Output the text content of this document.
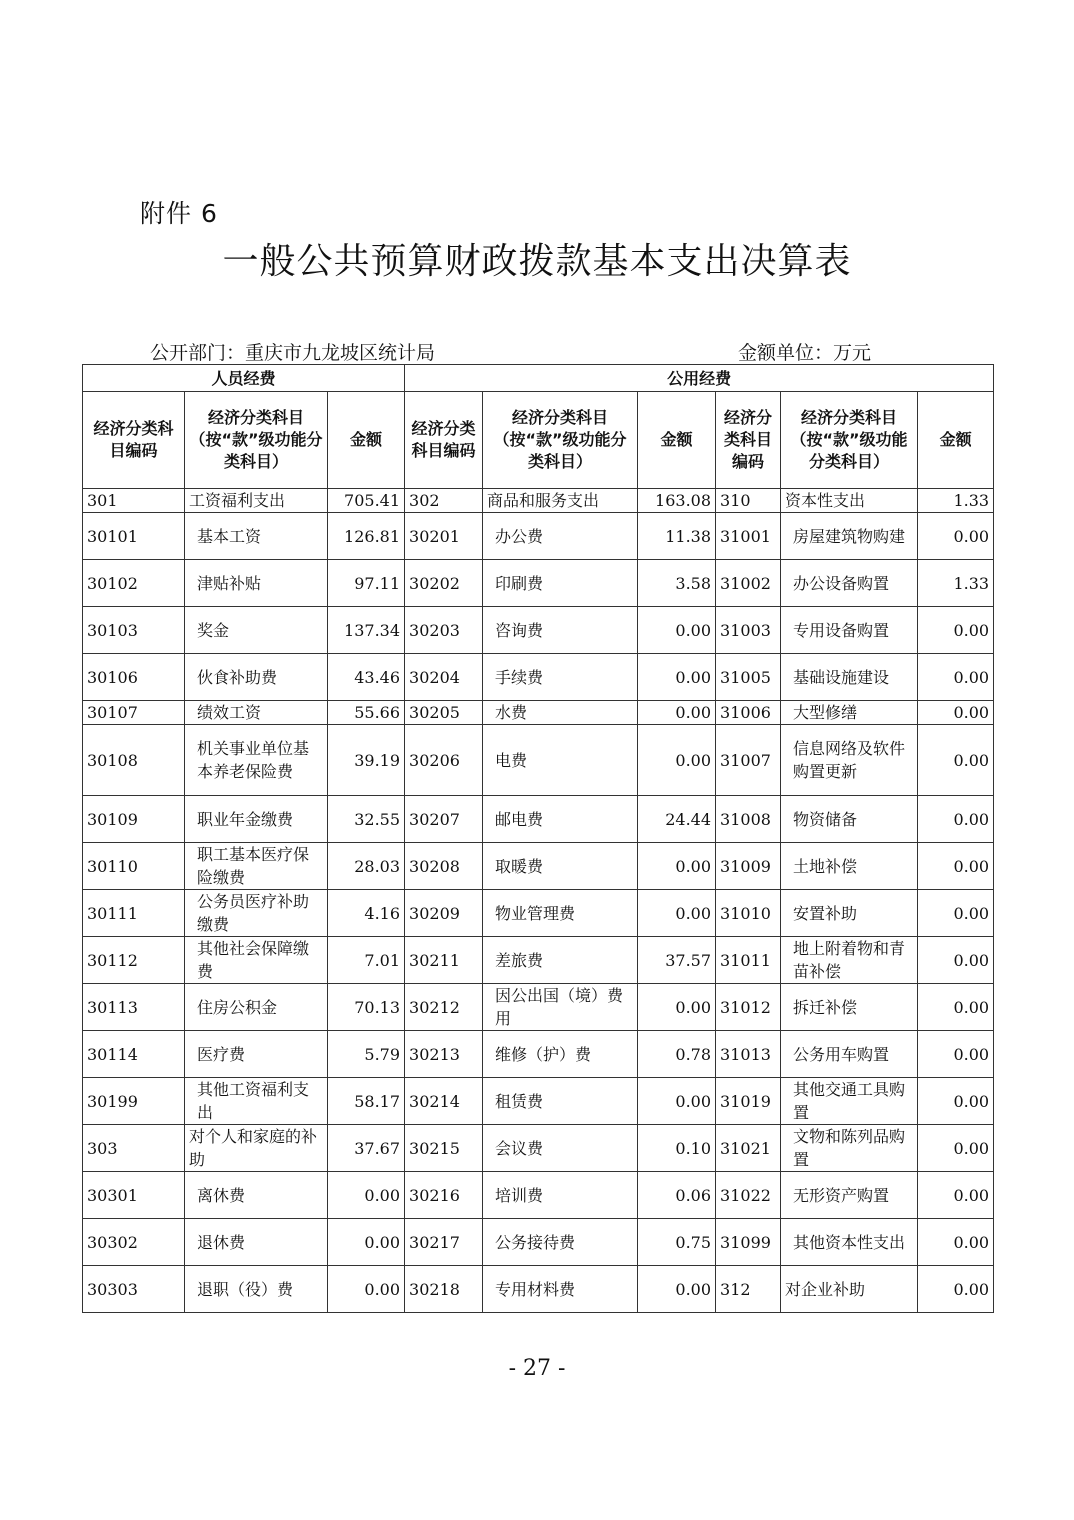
附件 6
一般公共预算财政拨款基本支出决算表
公开部门：重庆市九龙坡区统计局	金额单位：万元
人员经费			公用经费					
经济分类科目编码	经济分类科目（按“款”级功能分类科目）	金额	经济分类科目编码	经济分类科目（按“款”级功能分类科目）	金额	经济分类科目编码	经济分类科目（按“款”级功能分类科目）	金额
301	工资福利支出	705.41	302	商品和服务支出	163.08	310	资本性支出	1.33
30101	基本工资	126.81	30201	办公费	11.38	31001	房屋建筑物购建	0.00
30102	津贴补贴	97.11	30202	印刷费	3.58	31002	办公设备购置	1.33
30103	奖金	137.34	30203	咨询费	0.00	31003	专用设备购置	0.00
30106	伙食补助费	43.46	30204	手续费	0.00	31005	基础设施建设	0.00
30107	绩效工资	55.66	30205	水费	0.00	31006	大型修缮	0.00
30108	机关事业单位基本养老保险费	39.19	30206	电费	0.00	31007	信息网络及软件购置更新	0.00
30109	职业年金缴费	32.55	30207	邮电费	24.44	31008	物资储备	0.00
30110	职工基本医疗保险缴费	28.03	30208	取暖费	0.00	31009	土地补偿	0.00
30111	公务员医疗补助缴费	4.16	30209	物业管理费	0.00	31010	安置补助	0.00
30112	其他社会保障缴费	7.01	30211	差旅费	37.57	31011	地上附着物和青苗补偿	0.00
30113	住房公积金	70.13	30212	因公出国（境）费用	0.00	31012	拆迁补偿	0.00
30114	医疗费	5.79	30213	维修（护）费	0.78	31013	公务用车购置	0.00
30199	其他工资福利支出	58.17	30214	租赁费	0.00	31019	其他交通工具购置	0.00
303	对个人和家庭的补助	37.67	30215	会议费	0.10	31021	文物和陈列品购置	0.00
30301	离休费	0.00	30216	培训费	0.06	31022	无形资产购置	0.00
30302	退休费	0.00	30217	公务接待费	0.75	31099	其他资本性支出	0.00
30303	退职（役）费	0.00	30218	专用材料费	0.00	312	对企业补助	0.00
- 27 -
